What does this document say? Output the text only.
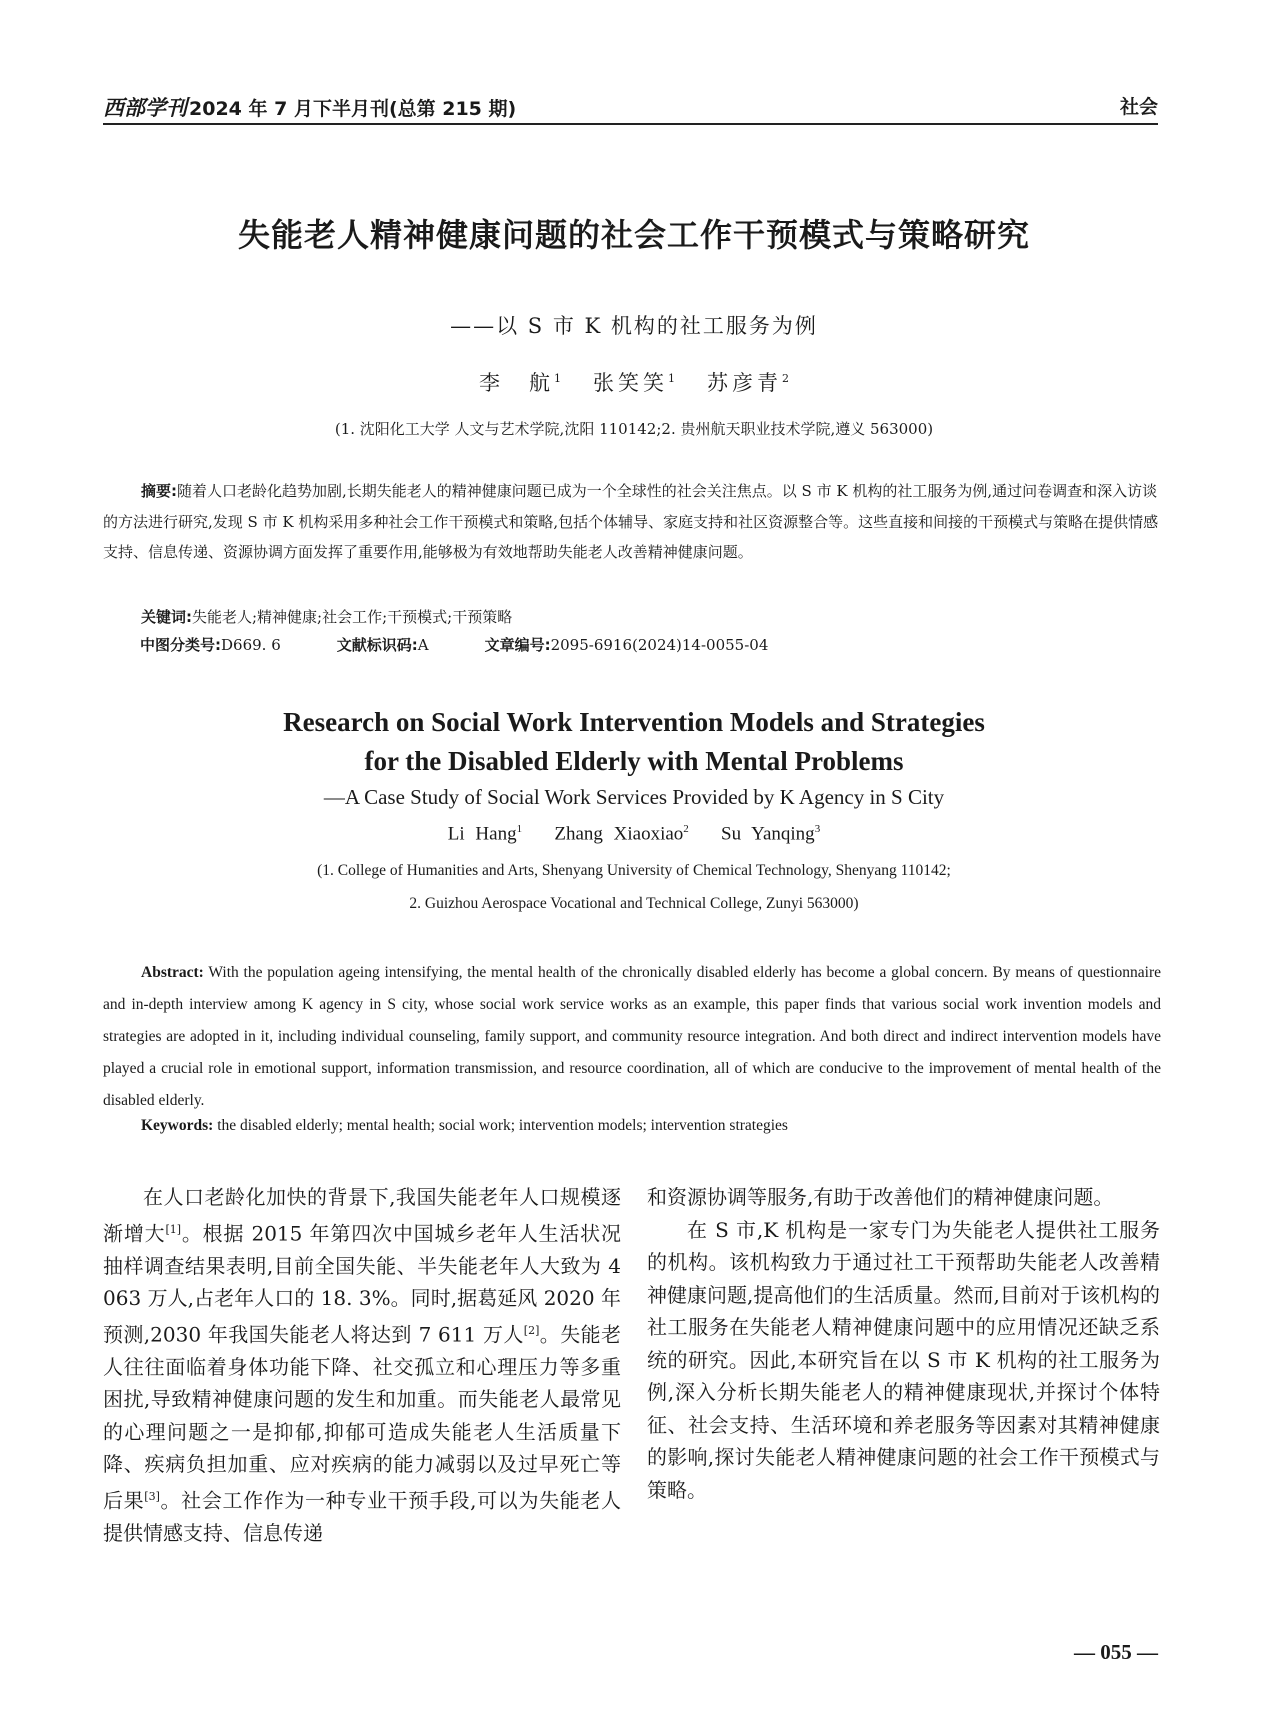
西部学刊 2024 年 7 月下半月刊(总第 215 期)	社会
失能老人精神健康问题的社会工作干预模式与策略研究
——以 S 市 K 机构的社工服务为例
李　航$^1$ 张笑笑$^1$ 苏彦青$^2$
(1. 沈阳化工大学 人文与艺术学院,沈阳 110142;2. 贵州航天职业技术学院,遵义 563000)
摘要:随着人口老龄化趋势加剧,长期失能老人的精神健康问题已成为一个全球性的社会关注焦点。以 S 市 K 机构的社工服务为例,通过问卷调查和深入访谈的方法进行研究,发现 S 市 K 机构采用多种社会工作干预模式和策略,包括个体辅导、家庭支持和社区资源整合等。这些直接和间接的干预模式与策略在提供情感支持、信息传递、资源协调方面发挥了重要作用,能够极为有效地帮助失能老人改善精神健康问题。
关键词:失能老人;精神健康;社会工作;干预模式;干预策略
中图分类号:D669. 6	文献标识码:A	文章编号:2095-6916(2024)14-0055-04
Research on Social Work Intervention Models and Strategies
for the Disabled Elderly with Mental Problems
—A Case Study of Social Work Services Provided by K Agency in S City
Li Hang$^1$ Zhang Xiaoxiao$^2$ Su Yanqing$^3$
(1. College of Humanities and Arts, Shenyang University of Chemical Technology, Shenyang 110142;
2. Guizhou Aerospace Vocational and Technical College, Zunyi 563000)
Abstract: With the population ageing intensifying, the mental health of the chronically disabled elderly has become a global concern. By means of questionnaire and in-depth interview among K agency in S city, whose social work service works as an example, this paper finds that various social work invention models and strategies are adopted in it, including individual counseling, family support, and community resource integration. And both direct and indirect intervention models have played a crucial role in emotional support, information transmission, and resource coordination, all of which are conducive to the improvement of mental health of the disabled elderly.
Keywords: the disabled elderly; mental health; social work; intervention models; intervention strategies

在人口老龄化加快的背景下,我国失能老年人口规模逐渐增大[1]。根据 2015 年第四次中国城乡老年人生活状况抽样调查结果表明,目前全国失能、半失能老年人大致为 4 063 万人,占老年人口的 18. 3%。同时,据葛延风 2020 年预测,2030 年我国失能老人将达到 7 611 万人[2]。失能老人往往面临着身体功能下降、社交孤立和心理压力等多重困扰,导致精神健康问题的发生和加重。而失能老人最常见的心理问题之一是抑郁,抑郁可造成失能老人生活质量下降、疾病负担加重、应对疾病的能力减弱以及过早死亡等后果[3]。社会工作作为一种专业干预手段,可以为失能老人提供情感支持、信息传递

和资源协调等服务,有助于改善他们的精神健康问题。

在 S 市,K 机构是一家专门为失能老人提供社工服务的机构。该机构致力于通过社工干预帮助失能老人改善精神健康问题,提高他们的生活质量。然而,目前对于该机构的社工服务在失能老人精神健康问题中的应用情况还缺乏系统的研究。因此,本研究旨在以 S 市 K 机构的社工服务为例,深入分析长期失能老人的精神健康现状,并探讨个体特征、社会支持、生活环境和养老服务等因素对其精神健康的影响,探讨失能老人精神健康问题的社会工作干预模式与策略。

— 055 —
